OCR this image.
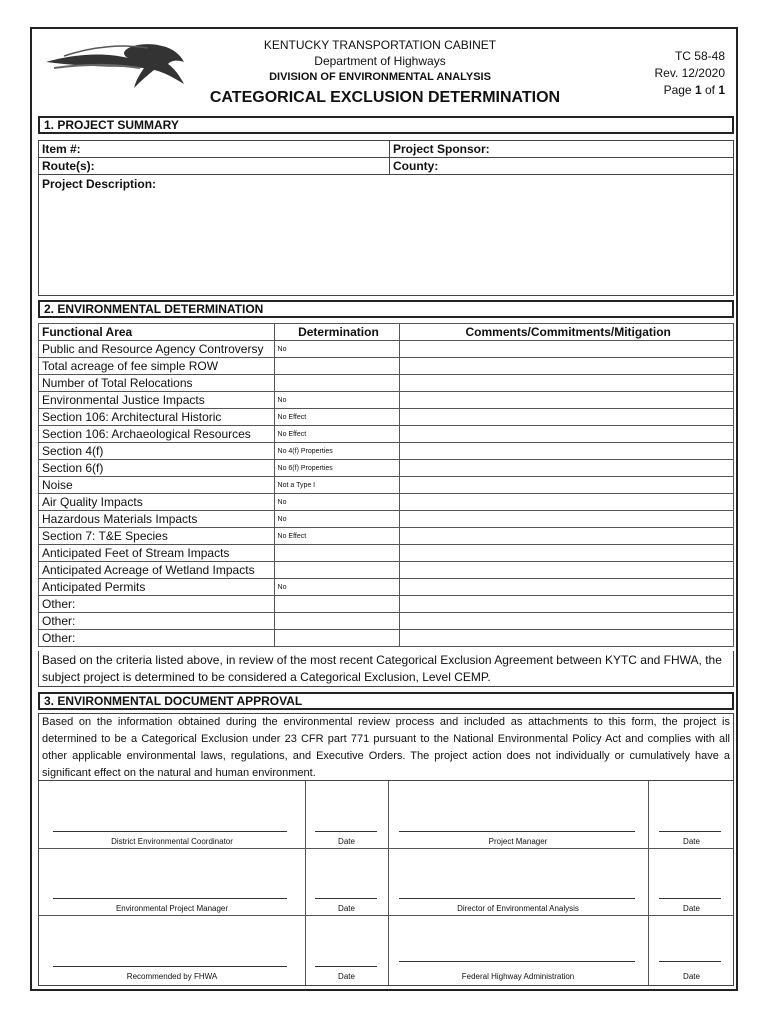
KENTUCKY TRANSPORTATION CABINET
Department of Highways
DIVISION OF ENVIRONMENTAL ANALYSIS
CATEGORICAL EXCLUSION DETERMINATION
TC 58-48
Rev. 12/2020
Page 1 of 1
1. PROJECT SUMMARY
Item #:	Project Sponsor:
Route(s):	County:
Project Description:
2. ENVIRONMENTAL DETERMINATION
Functional Area	Determination	Comments/Commitments/Mitigation
Public and Resource Agency Controversy	No	
Total acreage of fee simple ROW		
Number of Total Relocations		
Environmental Justice Impacts	No	
Section 106: Architectural Historic	No Effect	
Section 106: Archaeological Resources	No Effect	
Section 4(f)	No 4(f) Properties	
Section 6(f)	No 6(f) Properties	
Noise	Not a Type I	
Air Quality Impacts	No	
Hazardous Materials Impacts	No	
Section 7: T&E Species	No Effect	
Anticipated Feet of Stream Impacts		
Anticipated Acreage of Wetland Impacts		
Anticipated Permits	No	
Other:		
Other:		
Other:		
Based on the criteria listed above, in review of the most recent Categorical Exclusion Agreement between KYTC and FHWA, the
subject project is determined to be considered a Categorical Exclusion, Level CEMP.
3. ENVIRONMENTAL DOCUMENT APPROVAL
Based on the information obtained during the environmental review process and included as attachments to this form, the project is determined to be a Categorical Exclusion under 23 CFR part 771 pursuant to the National Environmental Policy Act and complies with all other applicable environmental laws, regulations, and Executive Orders. The project action does not individually or cumulatively have a significant effect on the natural and human environment.
District Environmental Coordinator	Date	Project Manager	Date
Environmental Project Manager	Date	Director of Environmental Analysis	Date
Recommended by FHWA	Date	Federal Highway Administration	Date
